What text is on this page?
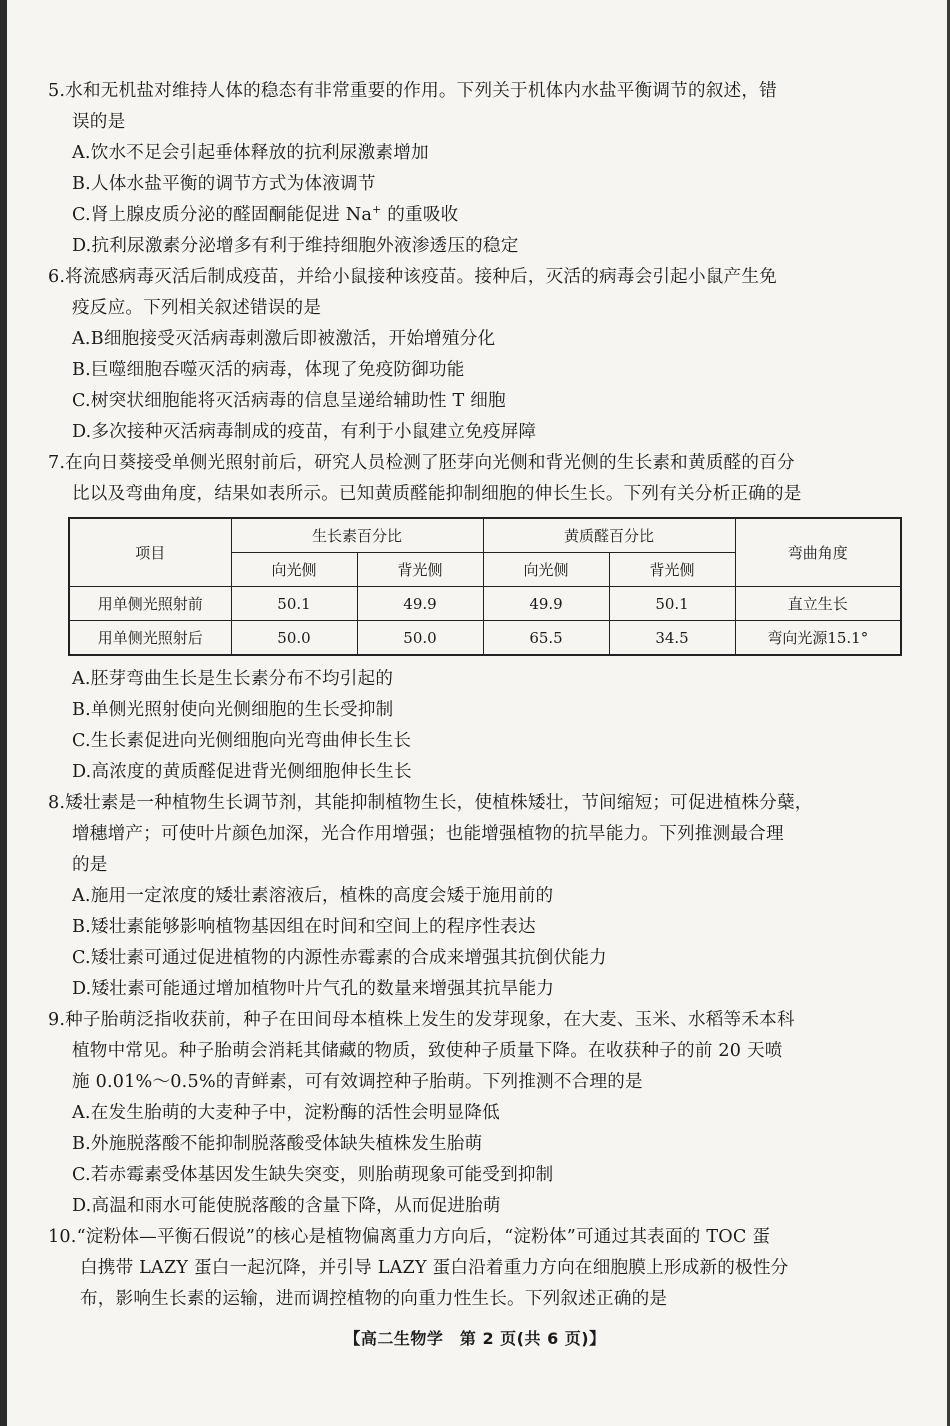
5.水和无机盐对维持人体的稳态有非常重要的作用。下列关于机体内水盐平衡调节的叙述，错
误的是
A.饮水不足会引起垂体释放的抗利尿激素增加
B.人体水盐平衡的调节方式为体液调节
C.肾上腺皮质分泌的醛固酮能促进 Na+ 的重吸收
D.抗利尿激素分泌增多有利于维持细胞外液渗透压的稳定
6.将流感病毒灭活后制成疫苗，并给小鼠接种该疫苗。接种后，灭活的病毒会引起小鼠产生免
疫反应。下列相关叙述错误的是
A.B细胞接受灭活病毒刺激后即被激活，开始增殖分化
B.巨噬细胞吞噬灭活的病毒，体现了免疫防御功能
C.树突状细胞能将灭活病毒的信息呈递给辅助性 T 细胞
D.多次接种灭活病毒制成的疫苗，有利于小鼠建立免疫屏障
7.在向日葵接受单侧光照射前后，研究人员检测了胚芽向光侧和背光侧的生长素和黄质醛的百分
比以及弯曲角度，结果如表所示。已知黄质醛能抑制细胞的伸长生长。下列有关分析正确的是
项目	生长素百分比		黄质醛百分比		弯曲角度
	向光侧	背光侧	向光侧	背光侧	
用单侧光照射前	50.1	49.9	49.9	50.1	直立生长
用单侧光照射后	50.0	50.0	65.5	34.5	弯向光源15.1°
A.胚芽弯曲生长是生长素分布不均引起的
B.单侧光照射使向光侧细胞的生长受抑制
C.生长素促进向光侧细胞向光弯曲伸长生长
D.高浓度的黄质醛促进背光侧细胞伸长生长
8.矮壮素是一种植物生长调节剂，其能抑制植物生长，使植株矮壮，节间缩短；可促进植株分蘖，
增穗增产；可使叶片颜色加深，光合作用增强；也能增强植物的抗旱能力。下列推测最合理
的是
A.施用一定浓度的矮壮素溶液后，植株的高度会矮于施用前的
B.矮壮素能够影响植物基因组在时间和空间上的程序性表达
C.矮壮素可通过促进植物的内源性赤霉素的合成来增强其抗倒伏能力
D.矮壮素可能通过增加植物叶片气孔的数量来增强其抗旱能力
9.种子胎萌泛指收获前，种子在田间母本植株上发生的发芽现象，在大麦、玉米、水稻等禾本科
植物中常见。种子胎萌会消耗其储藏的物质，致使种子质量下降。在收获种子的前 20 天喷
施 0.01%～0.5%的青鲜素，可有效调控种子胎萌。下列推测不合理的是
A.在发生胎萌的大麦种子中，淀粉酶的活性会明显降低
B.外施脱落酸不能抑制脱落酸受体缺失植株发生胎萌
C.若赤霉素受体基因发生缺失突变，则胎萌现象可能受到抑制
D.高温和雨水可能使脱落酸的含量下降，从而促进胎萌
10.“淀粉体—平衡石假说”的核心是植物偏离重力方向后，“淀粉体”可通过其表面的 TOC 蛋
白携带 LAZY 蛋白一起沉降，并引导 LAZY 蛋白沿着重力方向在细胞膜上形成新的极性分
布，影响生长素的运输，进而调控植物的向重力性生长。下列叙述正确的是
【高二生物学　第 2 页(共 6 页)】
